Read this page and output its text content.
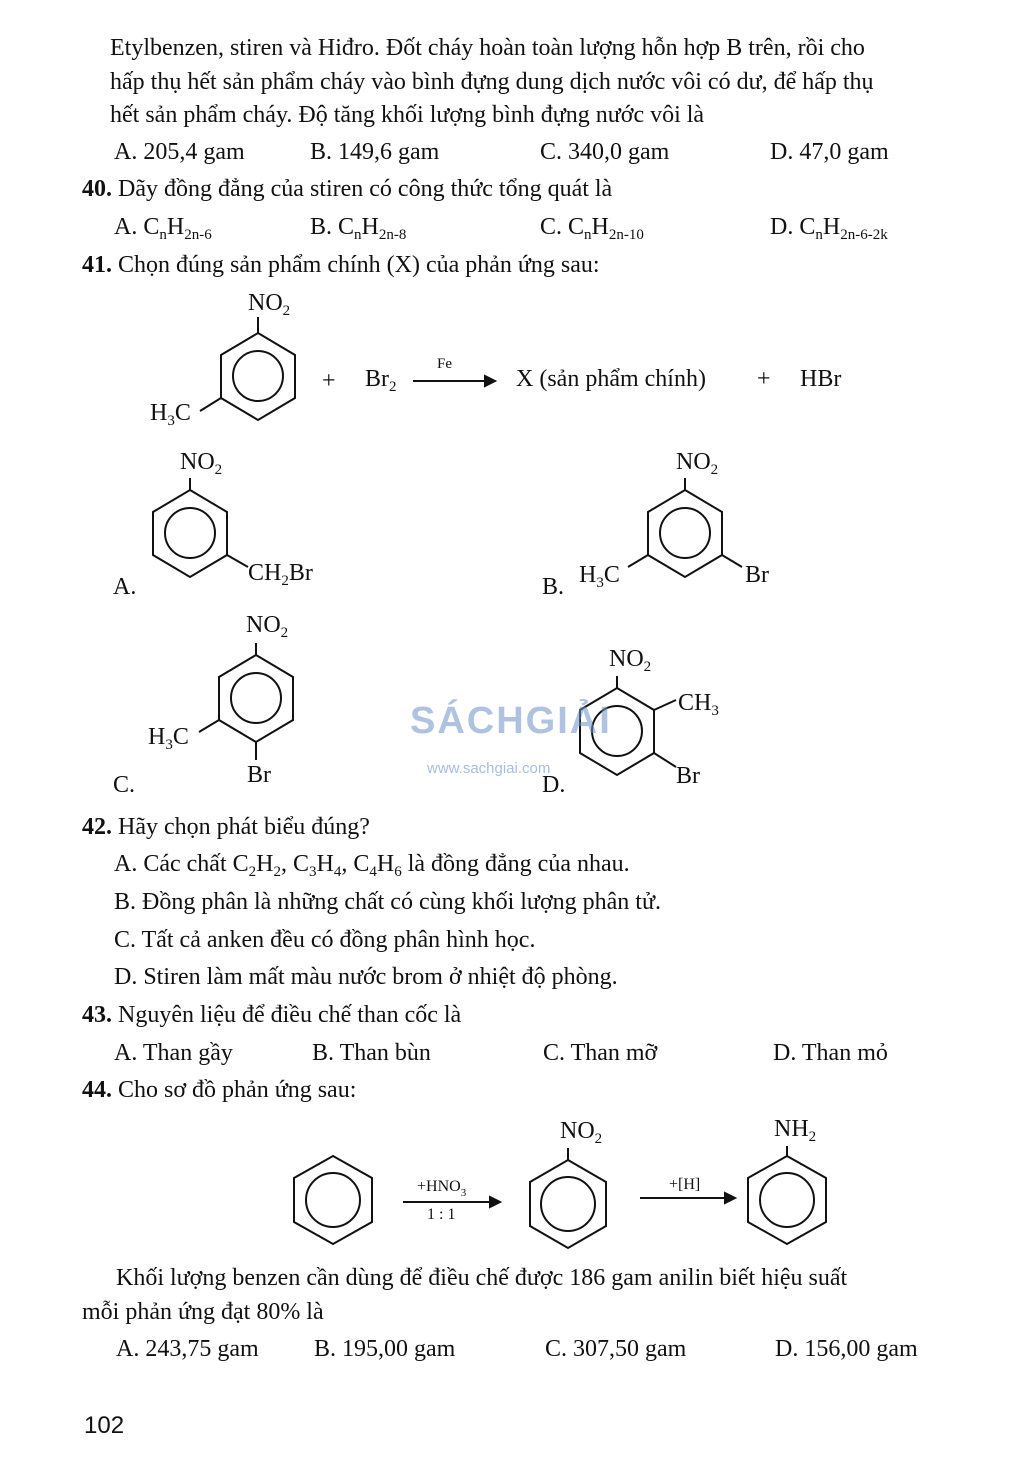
Etylbenzen, stiren và Hiđro. Đốt cháy hoàn toàn lượng hỗn hợp B trên, rồi cho
hấp thụ hết sản phẩm cháy vào bình đựng dung dịch nước vôi có dư, để hấp thụ
hết sản phẩm cháy. Độ tăng khối lượng bình đựng nước vôi là
A. 205,4 gam	B. 149,6 gam	C. 340,0 gam	D. 47,0 gam
40. Dãy đồng đẳng của stiren có công thức tổng quát là
A. $C_nH_{2n-6}$	B. $C_nH_{2n-8}$	C. $C_nH_{2n-10}$	D. $C_nH_{2n-6-2k}$
41. Chọn đúng sản phẩm chính (X) của phản ứng sau:
$NO_2$
$H_3C$
+ $Br_2$
Fe
X (sản phẩm chính) + HBr
$NO_2$
$CH_2Br$
A.
$NO_2$
$H_3C$	Br
B.
$NO_2$
$H_3C$
Br
C.
SÁCHGIẢI
www.sachgiai.com
$NO_2$
$CH_3$
Br
D.
42. Hãy chọn phát biểu đúng?
A. Các chất $C_2H_2$, $C_3H_4$, $C_4H_6$ là đồng đẳng của nhau.
B. Đồng phân là những chất có cùng khối lượng phân tử.
C. Tất cả anken đều có đồng phân hình học.
D. Stiren làm mất màu nước brom ở nhiệt độ phòng.
43. Nguyên liệu để điều chế than cốc là
A. Than gầy	B. Than bùn	C. Than mỡ	D. Than mỏ
44. Cho sơ đồ phản ứng sau:
$NO_2$	$NH_2$
$+HNO_3$
1 : 1
+[H]
Khối lượng benzen cần dùng để điều chế được 186 gam anilin biết hiệu suất
mỗi phản ứng đạt 80% là
A. 243,75 gam B. 195,00 gam	C. 307,50 gam	D. 156,00 gam
102
